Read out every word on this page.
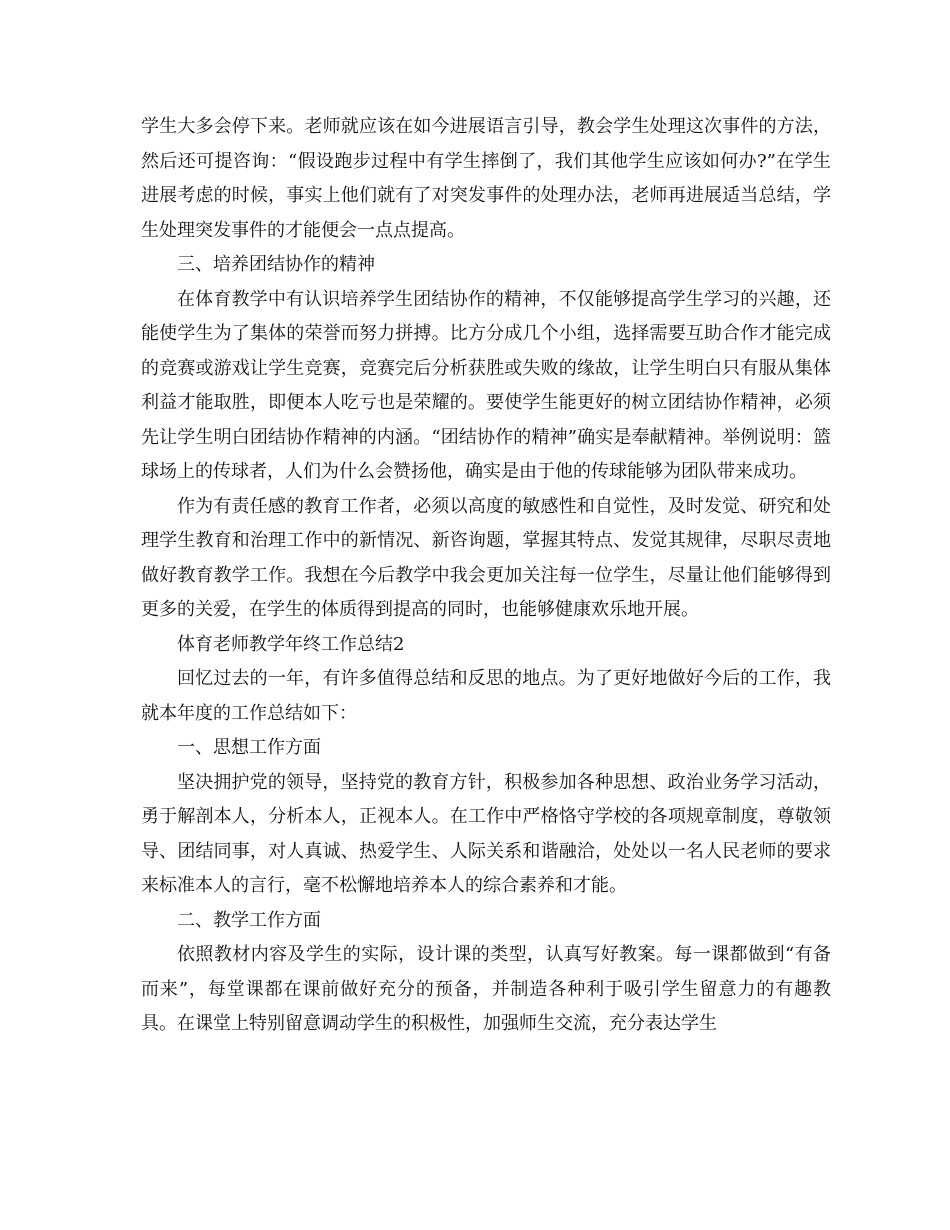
学生大多会停下来。老师就应该在如今进展语言引导，教会学生处理这次事件的方法，然后还可提咨询：“假设跑步过程中有学生摔倒了，我们其他学生应该如何办?”在学生进展考虑的时候，事实上他们就有了对突发事件的处理办法，老师再进展适当总结，学生处理突发事件的才能便会一点点提高。

三、培养团结协作的精神

在体育教学中有认识培养学生团结协作的精神，不仅能够提高学生学习的兴趣，还能使学生为了集体的荣誉而努力拼搏。比方分成几个小组，选择需要互助合作才能完成的竞赛或游戏让学生竞赛，竞赛完后分析获胜或失败的缘故，让学生明白只有服从集体利益才能取胜，即便本人吃亏也是荣耀的。要使学生能更好的树立团结协作精神，必须先让学生明白团结协作精神的内涵。“团结协作的精神”确实是奉献精神。举例说明：篮球场上的传球者，人们为什么会赞扬他，确实是由于他的传球能够为团队带来成功。

作为有责任感的教育工作者，必须以高度的敏感性和自觉性，及时发觉、研究和处理学生教育和治理工作中的新情况、新咨询题，掌握其特点、发觉其规律，尽职尽责地做好教育教学工作。我想在今后教学中我会更加关注每一位学生，尽量让他们能够得到更多的关爱，在学生的体质得到提高的同时，也能够健康欢乐地开展。

体育老师教学年终工作总结2

回忆过去的一年，有许多值得总结和反思的地点。为了更好地做好今后的工作，我就本年度的工作总结如下：

一、思想工作方面

坚决拥护党的领导，坚持党的教育方针，积极参加各种思想、政治业务学习活动，勇于解剖本人，分析本人，正视本人。在工作中严格恪守学校的各项规章制度，尊敬领导、团结同事，对人真诚、热爱学生、人际关系和谐融洽，处处以一名人民老师的要求来标准本人的言行，毫不松懈地培养本人的综合素养和才能。

二、教学工作方面

依照教材内容及学生的实际，设计课的类型，认真写好教案。每一课都做到“有备而来”，每堂课都在课前做好充分的预备，并制造各种利于吸引学生留意力的有趣教具。在课堂上特别留意调动学生的积极性，加强师生交流，充分表达学生
